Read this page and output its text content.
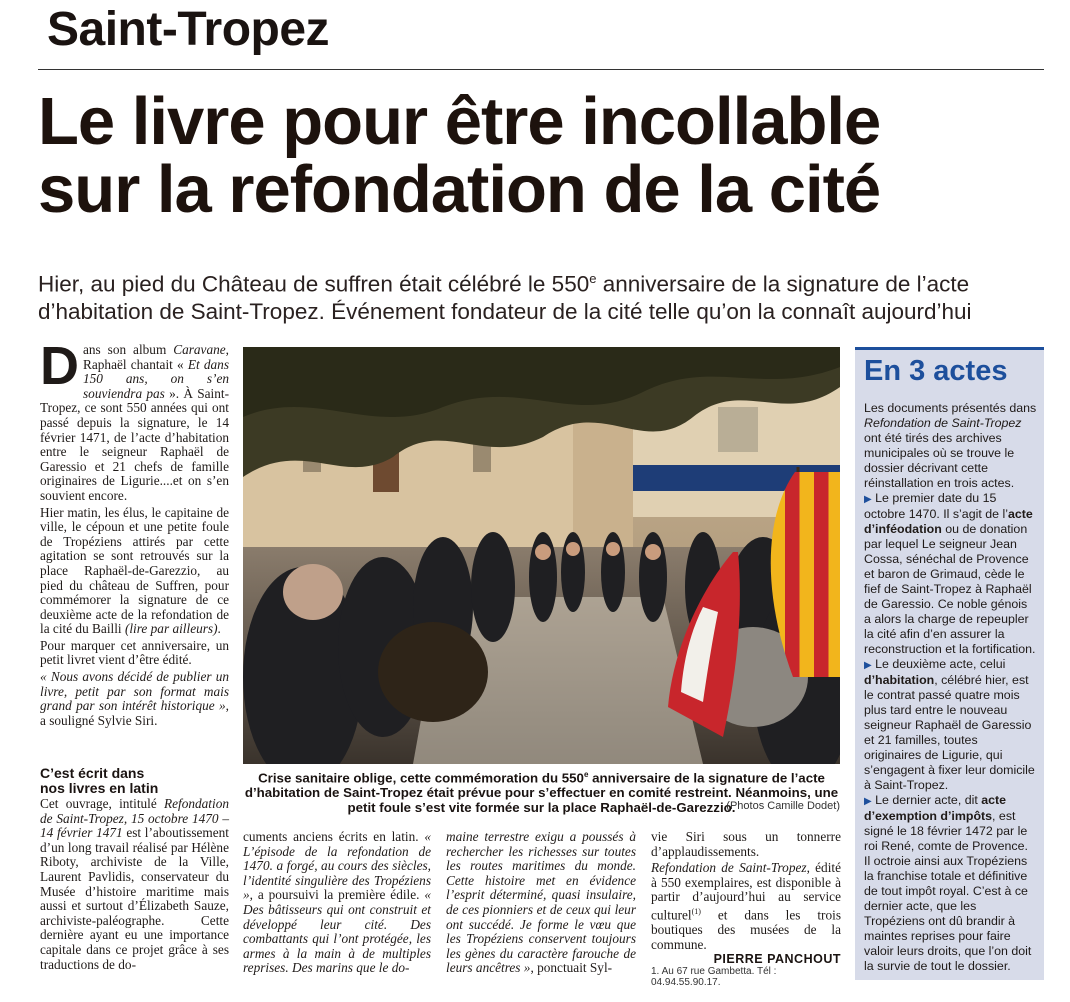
Saint-Tropez
Le livre pour être incollable
sur la refondation de la cité
Hier, au pied du Château de suffren était célébré le 550e anniversaire de la signature de l’acte
d’habitation de Saint-Tropez. Événement fondateur de la cité telle qu’on la connaît aujourd’hui

Dans son album Caravane, Raphaël chantait « Et dans 150 ans, on s’en souviendra pas ». À Saint-Tropez, ce sont 550 années qui ont passé depuis la signature, le 14 février 1471, de l’acte d’habitation entre le seigneur Raphaël de Garessio et 21 chefs de famille originaires de Ligurie....et on s’en souvient encore.

Hier matin, les élus, le capitaine de ville, le cépoun et une petite foule de Tropéziens attirés par cette agitation se sont retrouvés sur la place Raphaël-de-Garezzio, au pied du château de Suffren, pour commémorer la signature de ce deuxième acte de la refondation de la cité du Bailli (lire par ailleurs).

Pour marquer cet anniversaire, un petit livret vient d’être édité.

« Nous avons décidé de publier un livre, petit par son format mais grand par son intérêt historique », a souligné Sylvie Siri.

C’est écrit dans
nos livres en latin

Cet ouvrage, intitulé Refondation de Saint-Tropez, 15 octobre 1470 – 14 février 1471 est l’aboutissement d’un long travail réalisé par Hélène Riboty, archiviste de la Ville, Laurent Pavlidis, conservateur du Musée d’histoire maritime mais aussi et surtout d’Élizabeth Sauze, archiviste-paléographe. Cette dernière ayant eu une importance capitale dans ce projet grâce à ses traductions de do-

Crise sanitaire oblige, cette commémoration du 550e anniversaire de la signature de l’acte d’habitation de Saint-Tropez était prévue pour s’effectuer en comité restreint. Néanmoins, une petit foule s’est vite formée sur la place Raphaël-de-Garezzio.
(Photos Camille Dodet)

cuments anciens écrits en latin. « L’épisode de la refondation de 1470. a forgé, au cours des siècles, l’identité singulière des Tropéziens », a poursuivi la première édile. « Des bâtisseurs qui ont construit et développé leur cité. Des combattants qui l’ont protégée, les armes à la main à de multiples reprises. Des marins que le do-

maine terrestre exigu a poussés à rechercher les richesses sur toutes les routes maritimes du monde. Cette histoire met en évidence l’esprit déterminé, quasi insulaire, de ces pionniers et de ceux qui leur ont succédé. Je forme le vœu que les Tropéziens conservent toujours les gènes du caractère farouche de leurs ancêtres », ponctuait Syl-

vie Siri sous un tonnerre d’applaudissements.

Refondation de Saint-Tropez, édité à 550 exemplaires, est disponible à partir d’aujourd’hui au service culturel$^{(1)}$ et dans les trois boutiques des musées de la commune.

PIERRE PANCHOUT
1. Au 67 rue Gambetta. Tél : 04.94.55.90.17.
En 3 actes

Les documents présentés dans Refondation de Saint-Tropez ont été tirés des archives municipales où se trouve le dossier décrivant cette réinstallation en trois actes.

▶ Le premier date du 15 octobre 1470. Il s’agit de l’acte d’inféodation ou de donation par lequel Le seigneur Jean Cossa, sénéchal de Provence et baron de Grimaud, cède le fief de Saint-Tropez à Raphaël de Garessio. Ce noble génois a alors la charge de repeupler la cité afin d’en assurer la reconstruction et la fortification.

▶ Le deuxième acte, celui d’habitation, célébré hier, est le contrat passé quatre mois plus tard entre le nouveau seigneur Raphaël de Garessio et 21 familles, toutes originaires de Ligurie, qui s’engagent à fixer leur domicile à Saint-Tropez.

▶ Le dernier acte, dit acte d’exemption d’impôts, est signé le 18 février 1472 par le roi René, comte de Provence. Il octroie ainsi aux Tropéziens la franchise totale et définitive de tout impôt royal. C’est à ce dernier acte, que les Tropéziens ont dû brandir à maintes reprises pour faire valoir leurs droits, que l’on doit la survie de tout le dossier.
